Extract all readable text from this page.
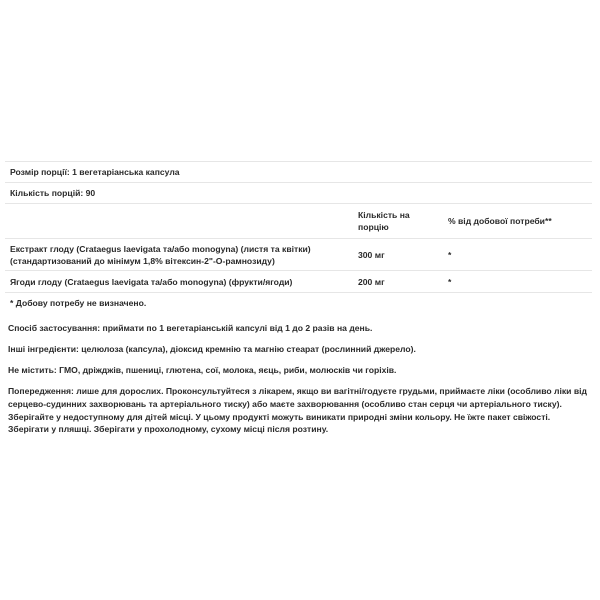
Розмір порції: 1 вегетаріанська капсула		
Кількість порцій: 90		
	Кількість на порцію	% від добової потреби**
Екстракт глоду (Crataegus laevigata та/або monogyna) (листя та квітки) (стандартизований до мінімум 1,8% вітексин-2"-O-рамнозиду)	300 мг	*
Ягоди глоду (Crataegus laevigata та/або monogyna) (фрукти/ягоди)	200 мг	*
* Добову потребу не визначено.		

Спосіб застосування: приймати по 1 вегетаріанській капсулі від 1 до 2 разів на день.

Інші інгредієнти: целюлоза (капсула), діоксид кремнію та магнію стеарат (рослинний джерело).

Не містить: ГМО, дріжджів, пшениці, глютена, сої, молока, яєць, риби, молюсків чи горіхів.

Попередження: лише для дорослих. Проконсультуйтеся з лікарем, якщо ви вагітні/годуєте грудьми, приймаєте ліки (особливо ліки від серцево-судинних захворювань та артеріального тиску) або маєте захворювання (особливо стан серця чи артеріального тиску). Зберігайте у недоступному для дітей місці. У цьому продукті можуть виникати природні зміни кольору. Не їжте пакет свіжості. Зберігати у пляшці. Зберігати у прохолодному, сухому місці після розтину.
